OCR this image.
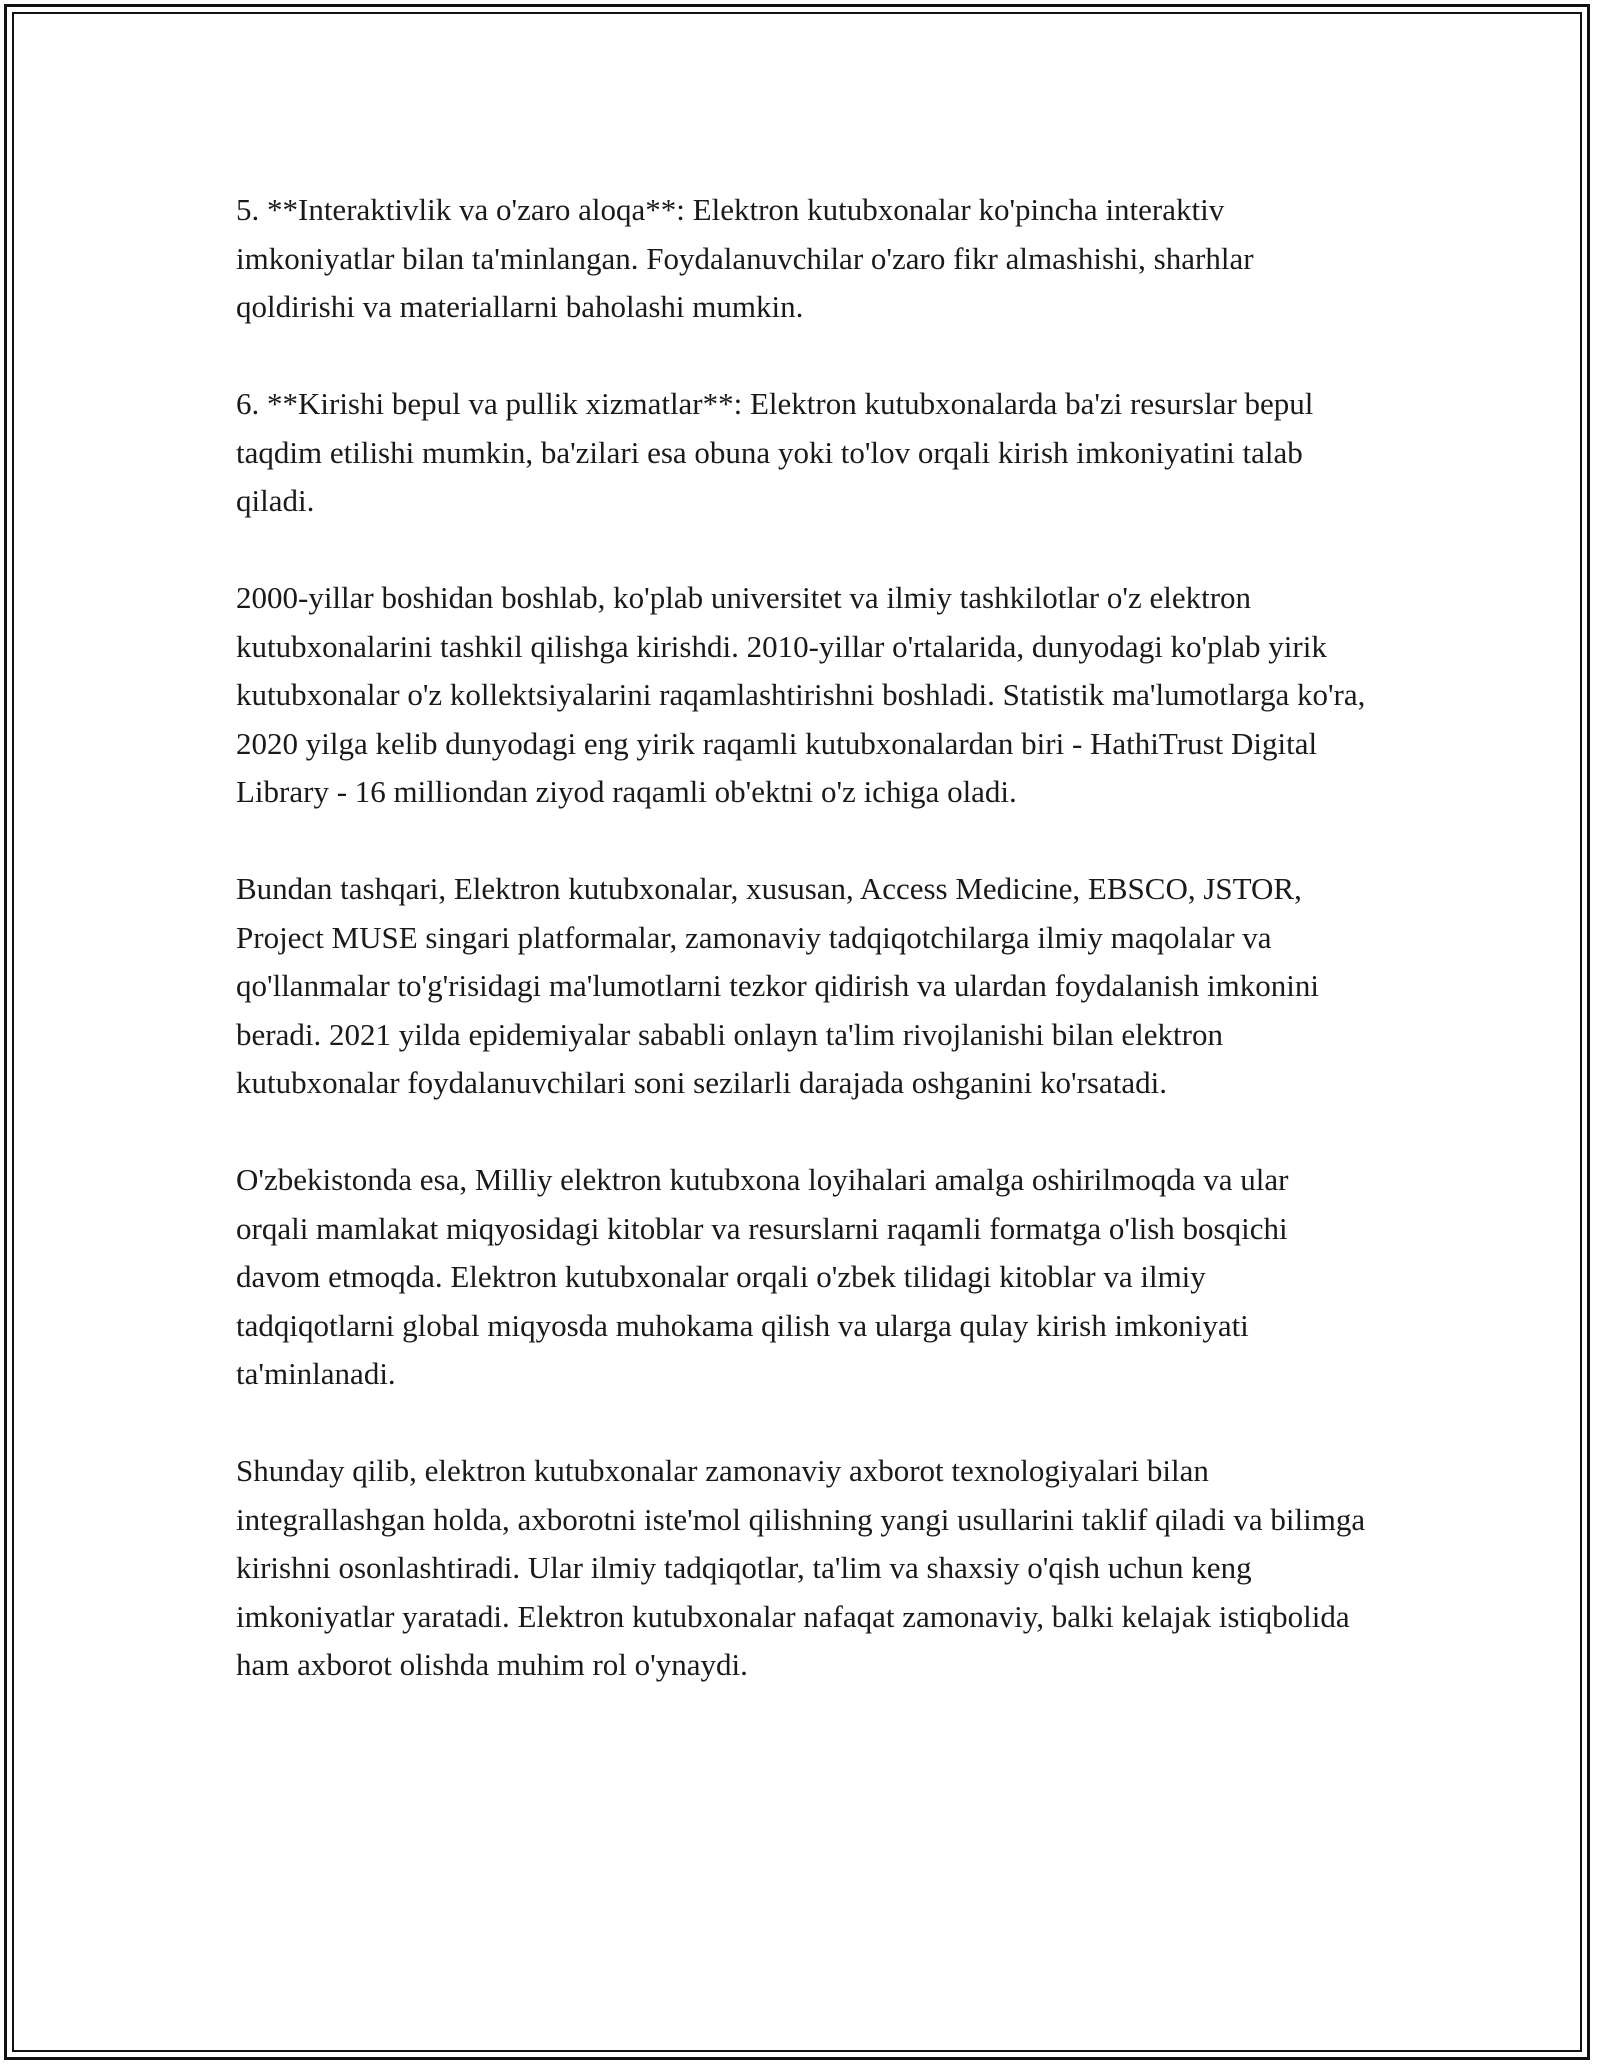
5. **Interaktivlik va o'zaro aloqa**: Elektron kutubxonalar ko'pincha interaktiv imkoniyatlar bilan ta'minlangan. Foydalanuvchilar o'zaro fikr almashishi, sharhlar qoldirishi va materiallarni baholashi mumkin.

6. **Kirishi bepul va pullik xizmatlar**: Elektron kutubxonalarda ba'zi resurslar bepul taqdim etilishi mumkin, ba'zilari esa obuna yoki to'lov orqali kirish imkoniyatini talab qiladi.

2000-yillar boshidan boshlab, ko'plab universitet va ilmiy tashkilotlar o'z elektron kutubxonalarini tashkil qilishga kirishdi. 2010-yillar o'rtalarida, dunyodagi ko'plab yirik kutubxonalar o'z kollektsiyalarini raqamlashtirishni boshladi. Statistik ma'lumotlarga ko'ra, 2020 yilga kelib dunyodagi eng yirik raqamli kutubxonalardan biri - HathiTrust Digital Library - 16 milliondan ziyod raqamli ob'ektni o'z ichiga oladi.

Bundan tashqari, Elektron kutubxonalar, xususan, Access Medicine, EBSCO, JSTOR, Project MUSE singari platformalar, zamonaviy tadqiqotchilarga ilmiy maqolalar va qo'llanmalar to'g'risidagi ma'lumotlarni tezkor qidirish va ulardan foydalanish imkonini beradi. 2021 yilda epidemiyalar sababli onlayn ta'lim rivojlanishi bilan elektron kutubxonalar foydalanuvchilari soni sezilarli darajada oshganini ko'rsatadi.

O'zbekistonda esa, Milliy elektron kutubxona loyihalari amalga oshirilmoqda va ular orqali mamlakat miqyosidagi kitoblar va resurslarni raqamli formatga o'lish bosqichi davom etmoqda. Elektron kutubxonalar orqali o'zbek tilidagi kitoblar va ilmiy tadqiqotlarni global miqyosda muhokama qilish va ularga qulay kirish imkoniyati ta'minlanadi.

Shunday qilib, elektron kutubxonalar zamonaviy axborot texnologiyalari bilan integrallashgan holda, axborotni iste'mol qilishning yangi usullarini taklif qiladi va bilimga kirishni osonlashtiradi. Ular ilmiy tadqiqotlar, ta'lim va shaxsiy o'qish uchun keng imkoniyatlar yaratadi. Elektron kutubxonalar nafaqat zamonaviy, balki kelajak istiqbolida ham axborot olishda muhim rol o'ynaydi.
